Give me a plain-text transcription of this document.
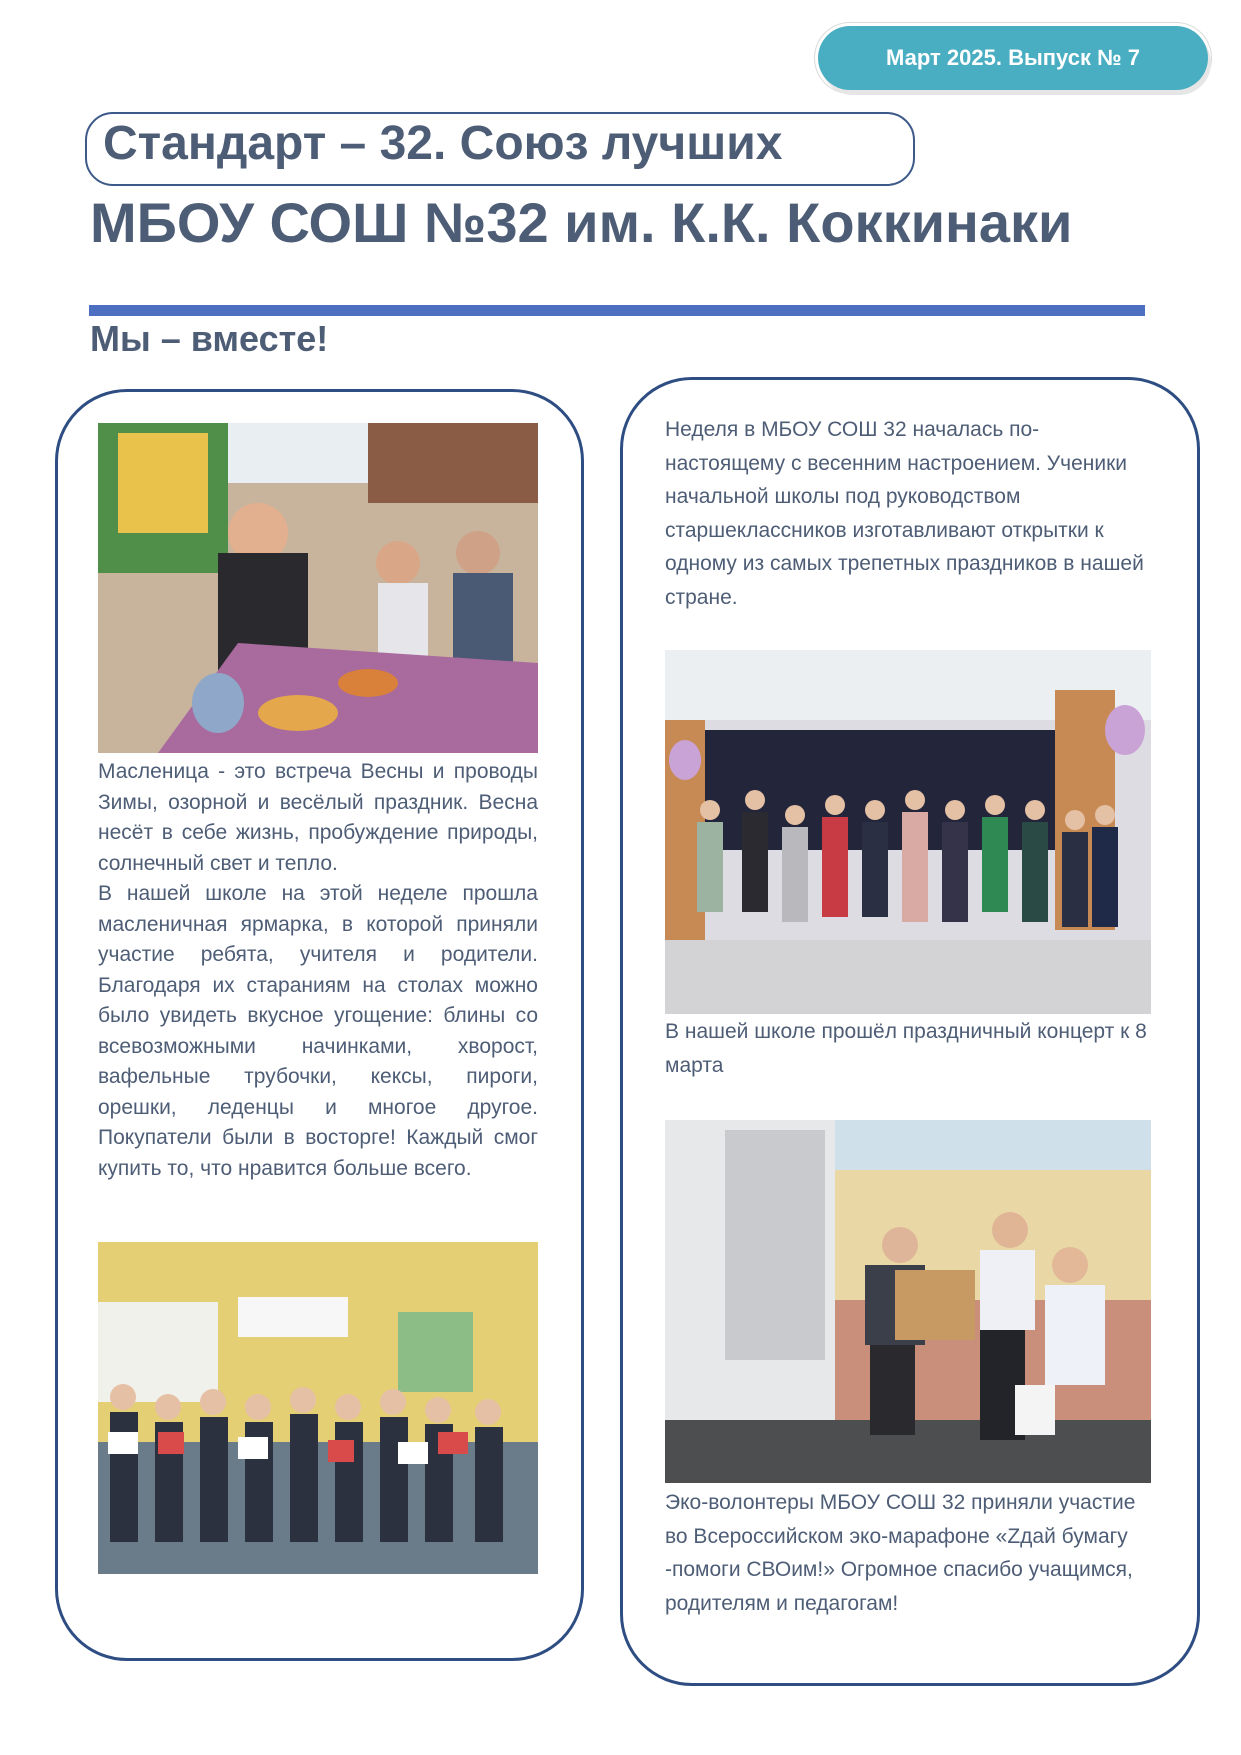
Март 2025. Выпуск № 7
Стандарт – 32. Союз лучших
МБОУ СОШ №32 им. К.К. Коккинаки
Мы – вместе!

Масленица - это встреча Весны и проводы Зимы, озорной и весёлый праздник. Весна несёт в себе жизнь, пробуждение природы, солнечный свет и тепло.

В нашей школе на этой неделе прошла масленичная ярмарка, в которой приняли участие ребята, учителя и родители. Благодаря их стараниям на столах можно было увидеть вкусное угощение: блины со всевозможными начинками, хворост, вафельные трубочки, кексы, пироги, орешки, леденцы и многое другое. Покупатели были в восторге! Каждый смог купить то, что нравится больше всего.

Неделя в МБОУ СОШ 32 началась по-настоящему с весенним настроением. Ученики начальной школы под руководством старшеклассников изготавливают открытки к одному из самых трепетных праздников в нашей стране.
В нашей школе прошёл праздничный концерт к 8 марта
Эко-волонтеры МБОУ СОШ 32 приняли участие во Всероссийском эко-марафоне «Zдай бумагу -помоги СВОим!» Огромное спасибо учащимся, родителям и педагогам!
